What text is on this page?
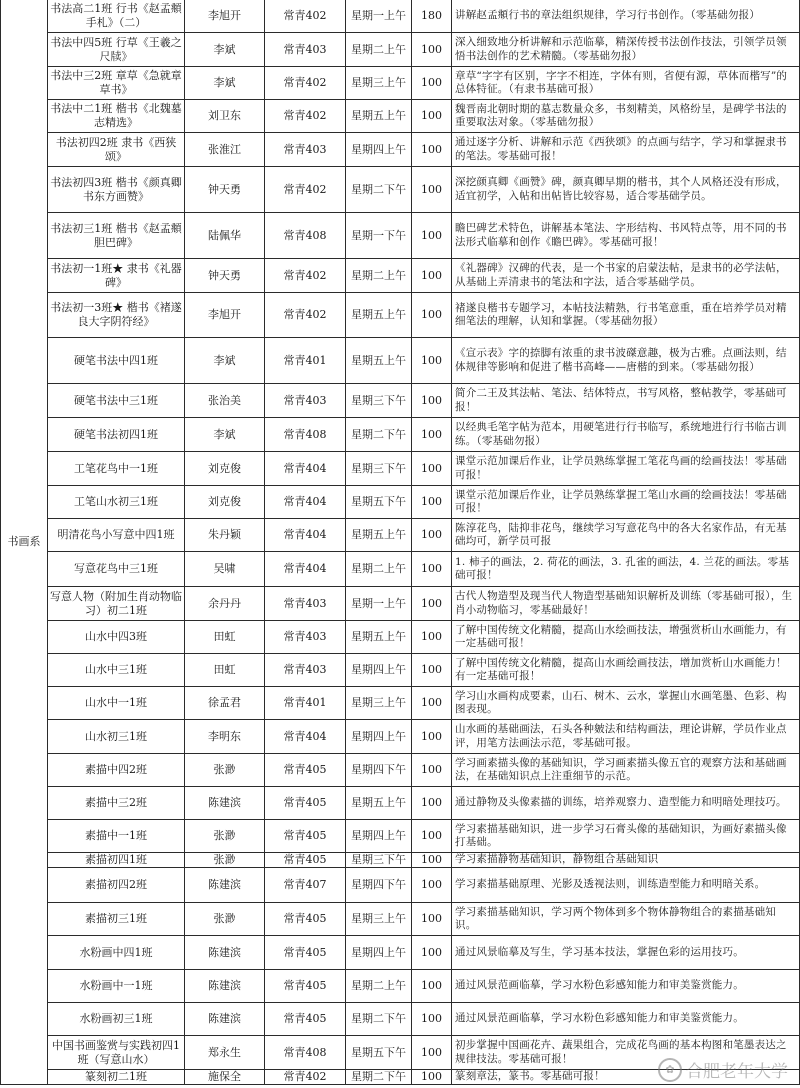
书画系	书法高二1班 行书《赵孟頫手札》（二）	李旭开	常青402	星期一上午	180	讲解赵孟頫行书的章法组织规律，学习行书创作。（零基础勿报）
	书法中四5班 行草《王羲之尺牍》	李斌	常青403	星期二上午	100	深入细致地分析讲解和示范临摹，精深传授书法创作技法，引领学员领悟书法创作的艺术精髓。（零基础勿报）
	书法中三2班 章草《急就章草书》	李斌	常青402	星期三上午	100	章草“字字有区别，字字不相连，字体有则，省便有源，草体而楷写”的总体特征。（有隶书基础可报）
	书法中二1班 楷书《北魏墓志精选》	刘卫东	常青402	星期五上午	100	魏晋南北朝时期的墓志数量众多，书刻精美，风格纷呈，是碑学书法的重要取法对象。（零基础勿报）
	书法初四2班 隶书《西狭颂》	张淮江	常青403	星期四上午	100	通过逐字分析、讲解和示范《西狭颂》的点画与结字，学习和掌握隶书的笔法。零基础可报！
	书法初四3班 楷书《颜真卿书东方画赞》	钟天勇	常青402	星期二下午	100	深挖颜真卿《画赞》碑，颜真卿早期的楷书，其个人风格还没有形成，适宜初学，入帖和出帖皆比较容易，适合零基础学员。
	书法初三1班 楷书《赵孟頫胆巴碑》	陆佩华	常青408	星期一下午	100	瞻巴碑艺术特色，讲解基本笔法、字形结构、书风特点等，用不同的书法形式临摹和创作《瞻巴碑》。零基础可报！
	书法初一1班★ 隶书《礼器碑》	钟天勇	常青402	星期二上午	100	《礼器碑》汉碑的代表，是一个书家的启蒙法帖，是隶书的必学法帖，从基础上弄清隶书的笔法和字法，适合零基础学员。
	书法初一3班★ 楷书《褚遂良大字阴符经》	李旭开	常青402	星期五上午	100	褚遂良楷书专题学习，本帖技法精熟，行书笔意重，重在培养学员对精细笔法的理解，认知和掌握。（零基础勿报）
	硬笔书法中四1班	李斌	常青401	星期五上午	100	《宣示表》字的捺脚有浓重的隶书波磔意趣，极为古雅。点画法则，结体规律等影响和促进了楷书高峰——唐楷的到来。（零基础勿报）
	硬笔书法中三1班	张治美	常青403	星期三下午	100	简介二王及其法帖、笔法、结体特点，书写风格，整帖教学，零基础可报！
	硬笔书法初四1班	李斌	常青408	星期二下午	100	以经典毛笔字帖为范本，用硬笔进行行书临写，系统地进行行书临古训练。（零基础勿报）
	工笔花鸟中一1班	刘克俊	常青404	星期三下午	100	课堂示范加课后作业，让学员熟练掌握工笔花鸟画的绘画技法！零基础可报！
	工笔山水初三1班	刘克俊	常青404	星期五下午	100	课堂示范加课后作业，让学员熟练掌握工笔山水画的绘画技法！零基础可报！
	明清花鸟小写意中四1班	朱丹颖	常青404	星期五上午	100	陈淳花鸟，陆抑非花鸟，继续学习写意花鸟中的各大名家作品，有无基础均可，新学员可报
	写意花鸟中三1班	吴啸	常青404	星期二上午	100	1. 柿子的画法，2. 荷花的画法，3. 孔雀的画法，4. 兰花的画法。零基础可报！
	写意人物（附加生肖动物临习）初二1班	余丹丹	常青403	星期一上午	100	古代人物造型及现当代人物造型基础知识解析及训练（零基础可报），生肖小动物临习，零基础最好！
	山水中四3班	田虹	常青403	星期五上午	100	了解中国传统文化精髓，提高山水绘画技法，增强赏析山水画能力，有一定基础可报！
	山水中三1班	田虹	常青403	星期四上午	100	了解中国传统文化精髓，提高山水画绘画技法，增加赏析山水画能力！有一定基础可报！
	山水中一1班	徐孟君	常青401	星期三上午	100	学习山水画构成要素，山石、树木、云水，掌握山水画笔墨、色彩、构图表现。
	山水初三1班	李明东	常青404	星期四上午	100	山水画的基础画法，石头各种皴法和结构画法，理论讲解，学员作业点评，用笔方法画法示范，零基础可报。
	素描中四2班	张渺	常青405	星期四下午	100	学习画素描头像的基础知识，学习画素描头像五官的观察方法和基础画法，在基础知识点上注重细节的示范。
	素描中三2班	陈建滨	常青405	星期五上午	100	通过静物及头像素描的训练，培养观察力、造型能力和明暗处理技巧。
	素描中一1班	张渺	常青405	星期四上午	100	学习素描基础知识，进一步学习石膏头像的基础知识，为画好素描头像打基础。
	素描初四1班	张渺	常青405	星期三下午	100	学习素描静物基础知识，静物组合基础知识
	素描初四2班	陈建滨	常青407	星期四下午	100	学习素描基础原理、光影及透视法则，训练造型能力和明暗关系。
	素描初三1班	张渺	常青405	星期三上午	100	学习素描基础知识，学习两个物体到多个物体静物组合的素描基础知识。
	水粉画中四1班	陈建滨	常青405	星期四上午	100	通过风景临摹及写生，学习基本技法，掌握色彩的运用技巧。
	水粉画中一1班	陈建滨	常青405	星期二上午	100	通过风景范画临摹，学习水粉色彩感知能力和审美鉴赏能力。
	水粉画初三1班	陈建滨	常青405	星期二下午	100	通过风景范画临摹，学习水粉色彩感知能力和审美鉴赏能力。
	中国书画鉴赏与实践初四1班（写意山水）	郑永生	常青408	星期五下午	100	初步掌握中国画花卉、蔬果组合，完成花鸟画的基本构图和笔墨表达之规律技法。零基础可报！
	篆刻初二1班	施保全	常青402	星期二下午	100	篆刻章法，篆书。零基础可报！
✿ 合肥老年大学
